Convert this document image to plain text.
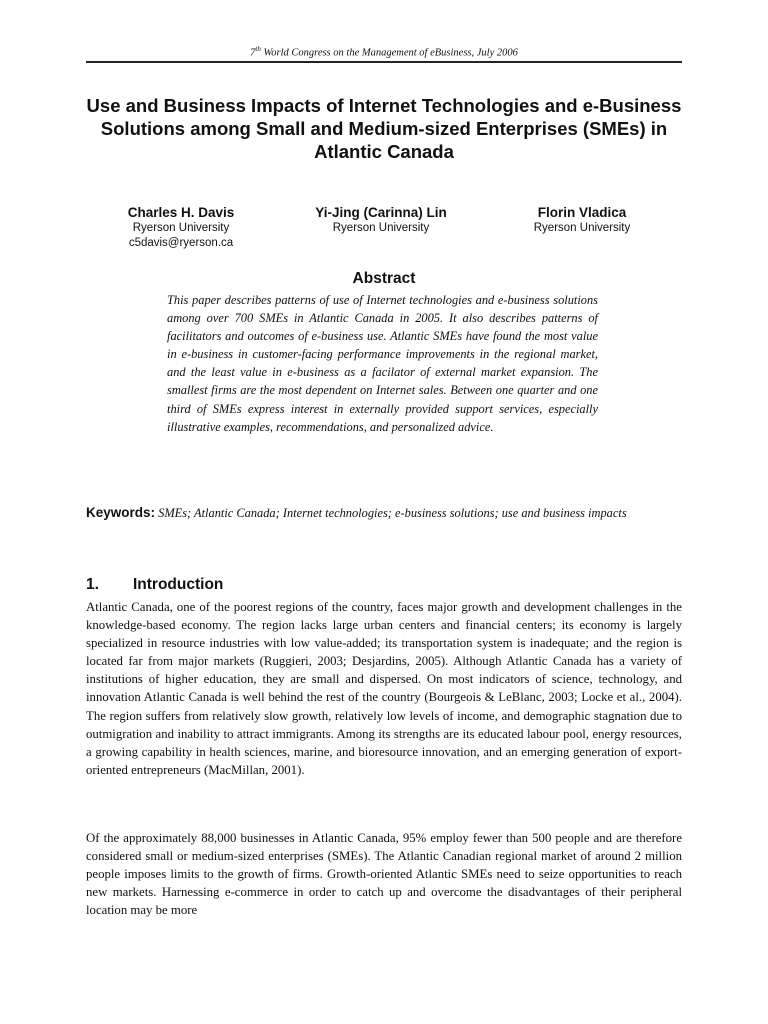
7th World Congress on the Management of eBusiness, July 2006
Use and Business Impacts of Internet Technologies and e-Business Solutions among Small and Medium-sized Enterprises (SMEs) in Atlantic Canada
Charles H. Davis
Ryerson University
c5davis@ryerson.ca
Yi-Jing (Carinna) Lin
Ryerson University
Florin Vladica
Ryerson University
Abstract

This paper describes patterns of use of Internet technologies and e-business solutions among over 700 SMEs in Atlantic Canada in 2005. It also describes patterns of facilitators and outcomes of e-business use. Atlantic SMEs have found the most value in e-business in customer-facing performance improvements in the regional market, and the least value in e-business as a facilator of external market expansion. The smallest firms are the most dependent on Internet sales. Between one quarter and one third of SMEs express interest in externally provided support services, especially illustrative examples, recommendations, and personalized advice.

Keywords: SMEs; Atlantic Canada; Internet technologies; e-business solutions; use and business impacts

1. Introduction

Atlantic Canada, one of the poorest regions of the country, faces major growth and development challenges in the knowledge-based economy. The region lacks large urban centers and financial centers; its economy is largely specialized in resource industries with low value-added; its transportation system is inadequate; and the region is located far from major markets (Ruggieri, 2003; Desjardins, 2005). Although Atlantic Canada has a variety of institutions of higher education, they are small and dispersed. On most indicators of science, technology, and innovation Atlantic Canada is well behind the rest of the country (Bourgeois & LeBlanc, 2003; Locke et al., 2004). The region suffers from relatively slow growth, relatively low levels of income, and demographic stagnation due to outmigration and inability to attract immigrants. Among its strengths are its educated labour pool, energy resources, a growing capability in health sciences, marine, and bioresource innovation, and an emerging generation of export-oriented entrepreneurs (MacMillan, 2001).

Of the approximately 88,000 businesses in Atlantic Canada, 95% employ fewer than 500 people and are therefore considered small or medium-sized enterprises (SMEs). The Atlantic Canadian regional market of around 2 million people imposes limits to the growth of firms. Growth-oriented Atlantic SMEs need to seize opportunities to reach new markets. Harnessing e-commerce in order to catch up and overcome the disadvantages of their peripheral location may be more
